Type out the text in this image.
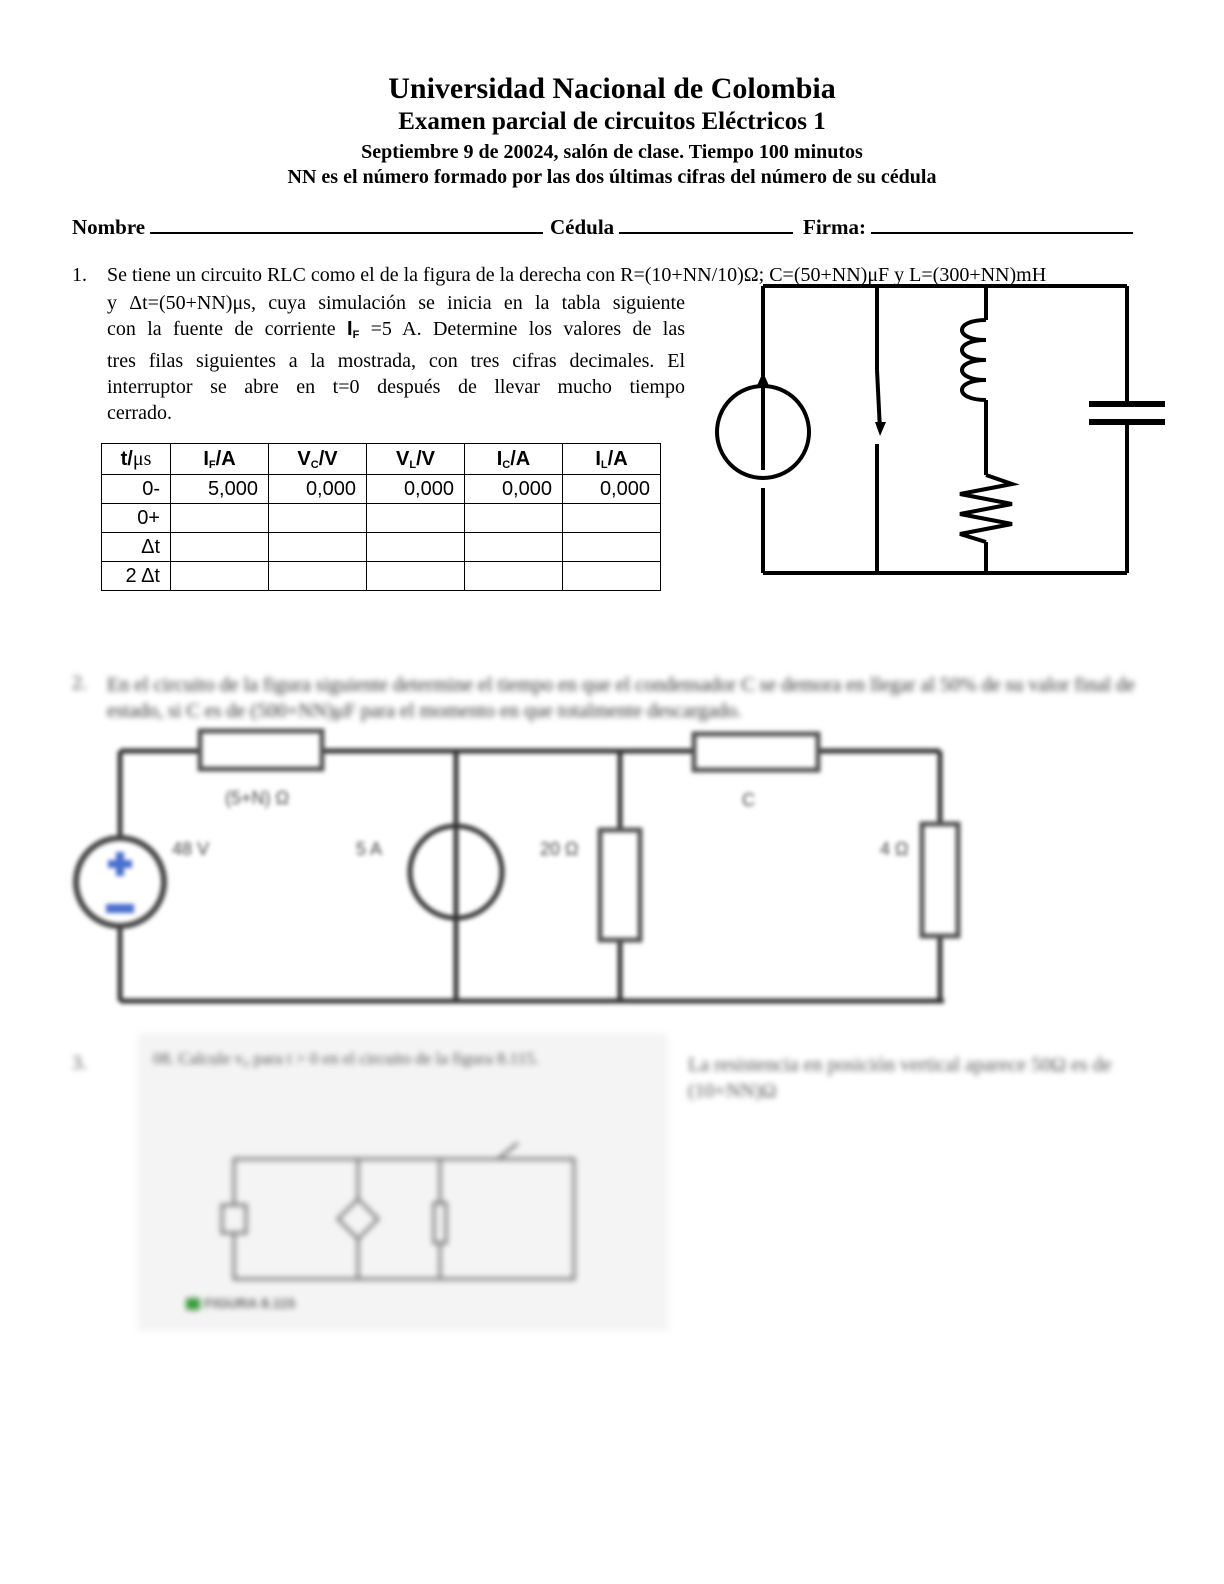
Universidad Nacional de Colombia
Examen parcial de circuitos Eléctricos 1
Septiembre 9 de 20024, salón de clase. Tiempo 100 minutos
NN es el número formado por las dos últimas cifras del número de su cédula
Nombre	Cédula	Firma:
1. Se tiene un circuito RLC como el de la figura de la derecha con R=(10+NN/10)Ω; C=(50+NN)μF y L=(300+NN)mH
y Δt=(50+NN)μs, cuya simulación se inicia en la tabla siguiente
con la fuente de corriente $I_F =5$ A. Determine los valores de las
tres filas siguientes a la mostrada, con tres cifras decimales. El
interruptor se abre en t=0 después de llevar mucho tiempo
cerrado.
t/μs	$I_F/A$	$V_C/V$	$V_L/V$	$I_C/A$	$I_L/A$
0-	5,000	0,000	0,000	0,000	0,000
0+					
Δt					
2 Δt					
2. En el circuito de la figura siguiente determine el tiempo en que el condensador C se demora en llegar al 50% de su valor final de estado, si C es de (500+NN)μF para el momento en que totalmente descargado.
(5+N) Ω
48 V	5 A	20 Ω
C
4 Ω
3.	08. Calcule v₀ para t > 0 en el circuito de la figura 8.115.
FIGURA 8.115
La resistencia en posición vertical aparece 50Ω es de (10+NN)Ω
